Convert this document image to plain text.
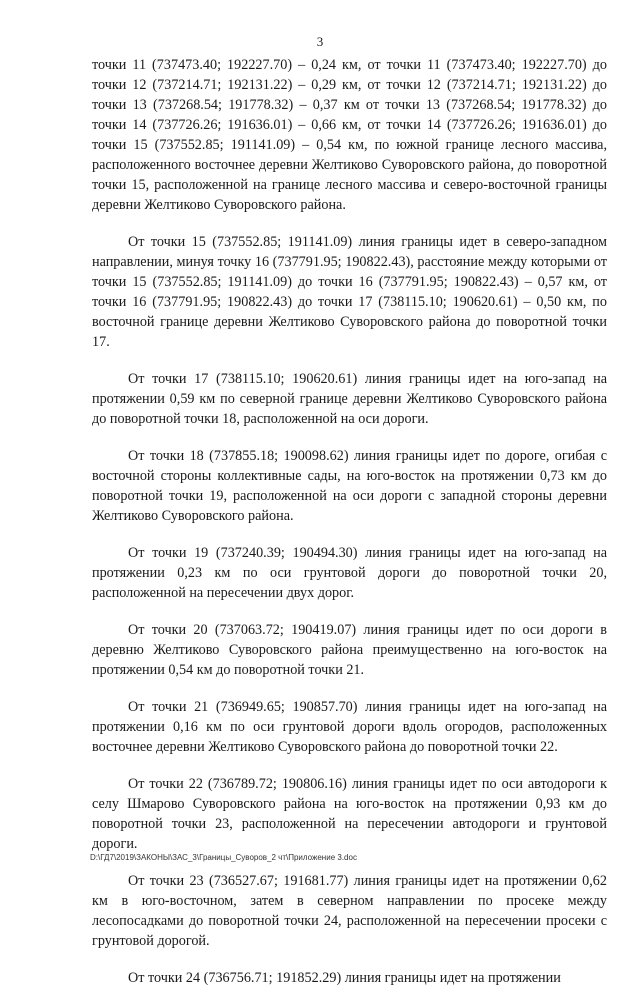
3

точки 11 (737473.40; 192227.70) – 0,24 км, от точки 11 (737473.40; 192227.70) до точки 12 (737214.71; 192131.22) – 0,29 км, от точки 12 (737214.71; 192131.22) до точки 13 (737268.54; 191778.32) – 0,37 км от точки 13 (737268.54; 191778.32) до точки 14 (737726.26; 191636.01) – 0,66 км, от точки 14 (737726.26; 191636.01) до точки 15 (737552.85; 191141.09) – 0,54 км, по южной границе лесного массива, расположенного восточнее деревни Желтиково Суворовского района, до поворотной точки 15, расположенной на границе лесного массива и северо-восточной границы деревни Желтиково Суворовского района.

От точки 15 (737552.85; 191141.09) линия границы идет в северо-западном направлении, минуя точку 16 (737791.95; 190822.43), расстояние между которыми от точки 15 (737552.85; 191141.09) до точки 16 (737791.95; 190822.43) – 0,57 км, от точки 16 (737791.95; 190822.43) до точки 17 (738115.10; 190620.61) – 0,50 км, по восточной границе деревни Желтиково Суворовского района до поворотной точки 17.

От точки 17 (738115.10; 190620.61) линия границы идет на юго-запад на протяжении 0,59 км по северной границе деревни Желтиково Суворовского района до поворотной точки 18, расположенной на оси дороги.

От точки 18 (737855.18; 190098.62) линия границы идет по дороге, огибая с восточной стороны коллективные сады, на юго-восток на протяжении 0,73 км до поворотной точки 19, расположенной на оси дороги с западной стороны деревни Желтиково Суворовского района.

От точки 19 (737240.39; 190494.30) линия границы идет на юго-запад на протяжении 0,23 км по оси грунтовой дороги до поворотной точки 20, расположенной на пересечении двух дорог.

От точки 20 (737063.72; 190419.07) линия границы идет по оси дороги в деревню Желтиково Суворовского района преимущественно на юго-восток на протяжении 0,54 км до поворотной точки 21.

От точки 21 (736949.65; 190857.70) линия границы идет на юго-запад на протяжении 0,16 км по оси грунтовой дороги вдоль огородов, расположенных восточнее деревни Желтиково Суворовского района до поворотной точки 22.

От точки 22 (736789.72; 190806.16) линия границы идет по оси автодороги к селу Шмарово Суворовского района на юго-восток на протяжении 0,93 км до поворотной точки 23, расположенной на пересечении автодороги и грунтовой дороги.

От точки 23 (736527.67; 191681.77) линия границы идет на протяжении 0,62 км в юго-восточном, затем в северном направлении по просеке между лесопосадками до поворотной точки 24, расположенной на пересечении просеки с грунтовой дорогой.

От точки 24 (736756.71; 191852.29) линия границы идет на протяжении

D:\ГД7\2019\ЗАКОНЫ\ЗАС_3\Границы_Суворов_2 чт\Приложение 3.doc
